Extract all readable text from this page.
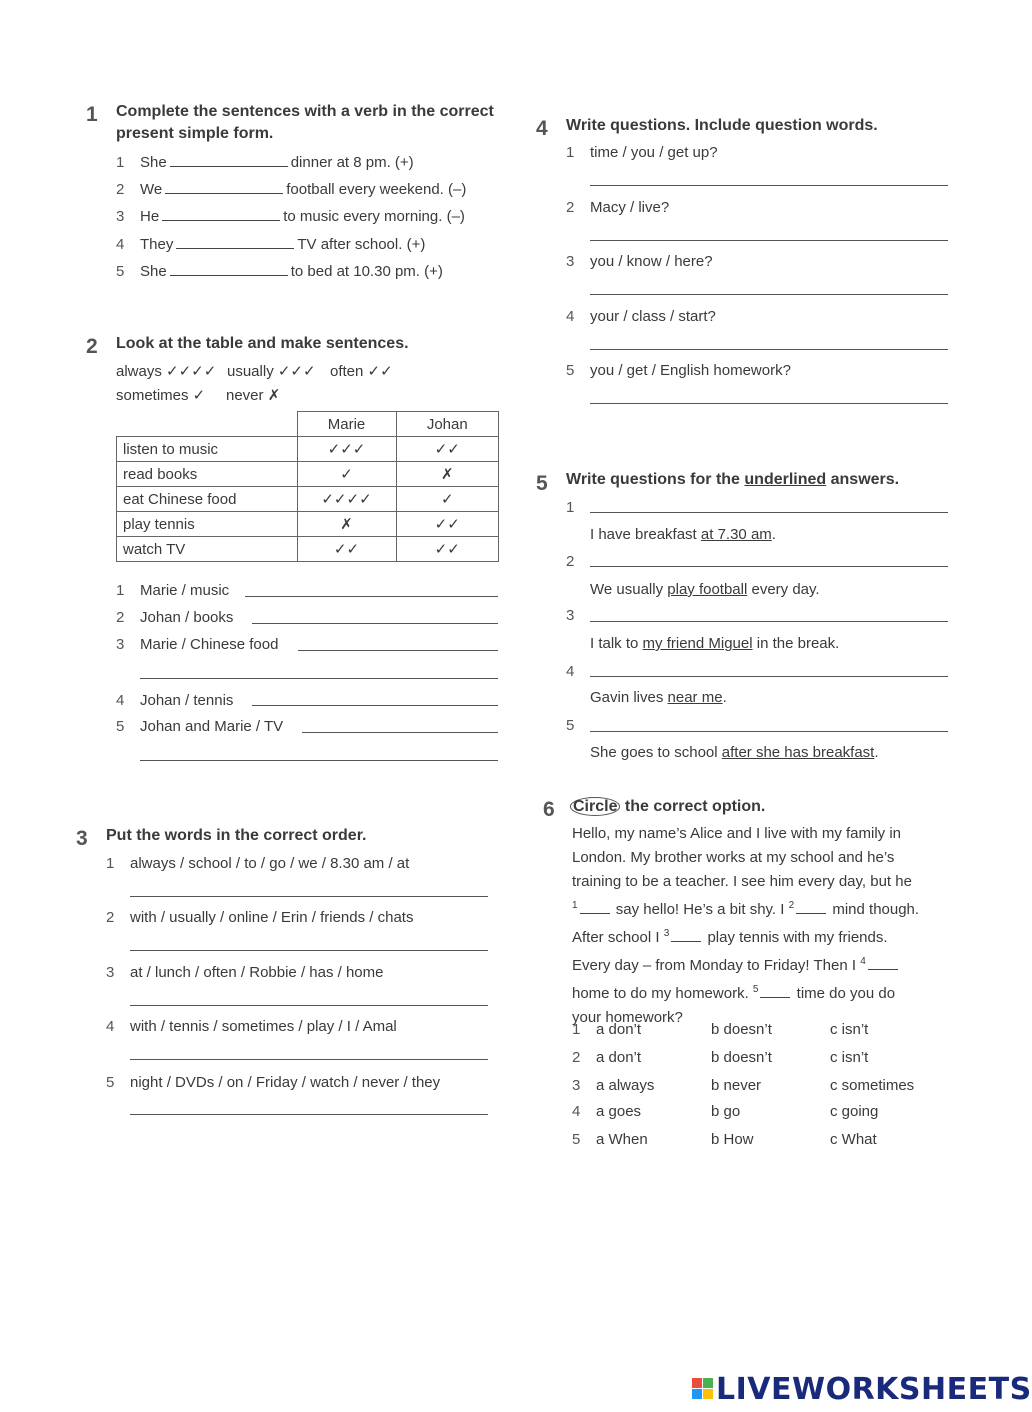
1 Complete the sentences with a verb in the correct present simple form.
1 She	dinner at 8 pm. (+)
2 We	football every weekend. (–)
3 He	to music every morning. (–)
4 They	TV after school. (+)
5 She	to bed at 10.30 pm. (+)
2 Look at the table and make sentences.
always ✓✓✓✓ usually ✓✓✓ often ✓✓
sometimes ✓ never ✗
	Marie	Johan
listen to music	✓✓✓	✓✓
read books	✓	✗
eat Chinese food	✓✓✓✓	✓
play tennis	✗	✓✓
watch TV	✓✓	✓✓
1 Marie / music
2 Johan / books
3 Marie / Chinese food
4 Johan / tennis
5 Johan and Marie / TV
3 Put the words in the correct order.
1 always / school / to / go / we / 8.30 am / at
2 with / usually / online / Erin / friends / chats
3 at / lunch / often / Robbie / has / home
4 with / tennis / sometimes / play / I / Amal
5 night / DVDs / on / Friday / watch / never / they
4 Write questions. Include question words.
1 time / you / get up?
2 Macy / live?
3 you / know / here?
4 your / class / start?
5 you / get / English homework?
5 Write questions for the underlined answers.
1
I have breakfast at 7.30 am.
2
We usually play football every day.
3
I talk to my friend Miguel in the break.
4
Gavin lives near me.
5
She goes to school after she has breakfast.
6 Circle the correct option.
Hello, my name’s Alice and I live with my family in
London. My brother works at my school and he’s
training to be a teacher. I see him every day, but he
$^1$	say hello! He’s a bit shy. I $^2$	mind though.
After school I $^3$	play tennis with my friends.
Every day – from Monday to Friday! Then I $^4$
home to do my homework. $^5$	time do you do
your homework?
1	a don’t	b doesn’t	c isn’t
2	a don’t	b doesn’t	c isn’t
3	a always	b never	c sometimes
4	a goes	b go	c going
5	a When	b How	c What
LIVEWORKSHEETS
